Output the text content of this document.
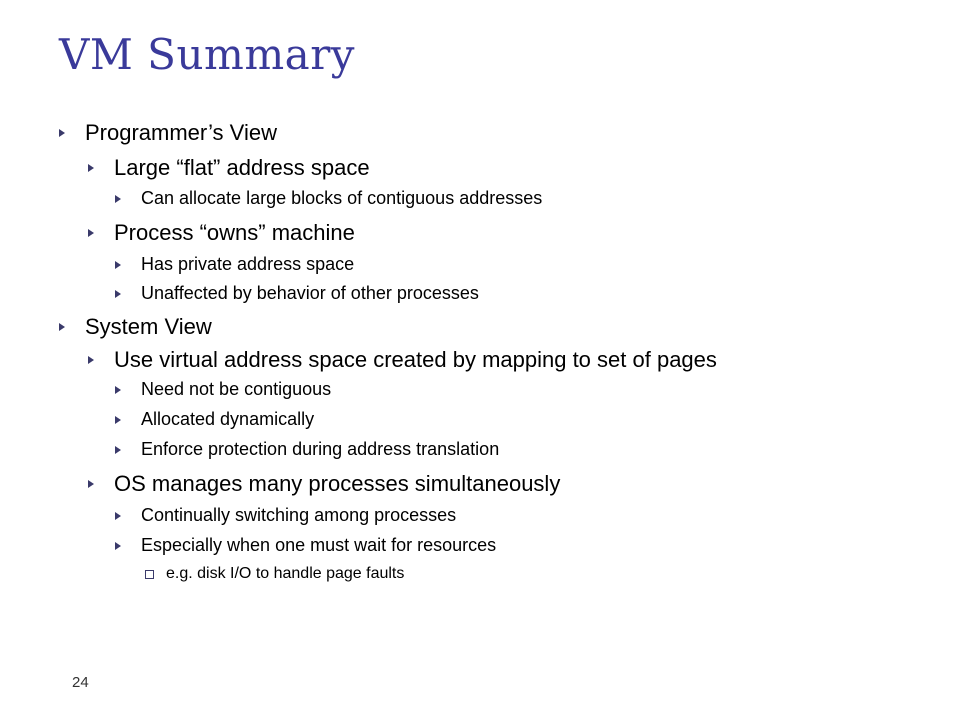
VM Summary
Programmer’s View
Large “flat” address space
Can allocate large blocks of contiguous addresses
Process “owns” machine
Has private address space
Unaffected by behavior of other processes
System View
Use virtual address space created by mapping to set of pages
Need not be contiguous
Allocated dynamically
Enforce protection during address translation
OS manages many processes simultaneously
Continually switching among processes
Especially when one must wait for resources
e.g. disk I/O to handle page faults
24
